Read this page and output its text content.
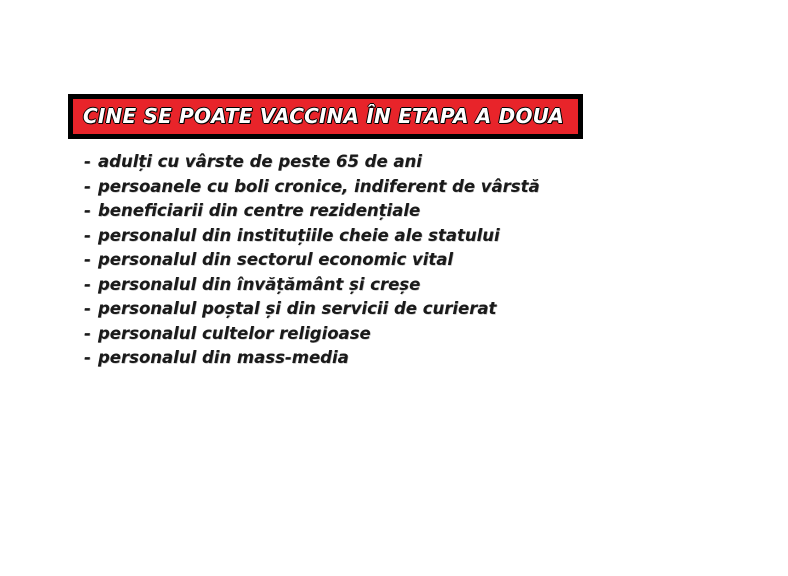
CINE SE POATE VACCINA ÎN ETAPA A DOUA
- adulți cu vârste de peste 65 de ani
- persoanele cu boli cronice, indiferent de vârstă
- beneficiarii din centre rezidențiale
- personalul din instituțiile cheie ale statului
- personalul din sectorul economic vital
- personalul din învățământ și creșe
- personalul poștal și din servicii de curierat
- personalul cultelor religioase
- personalul din mass-media
